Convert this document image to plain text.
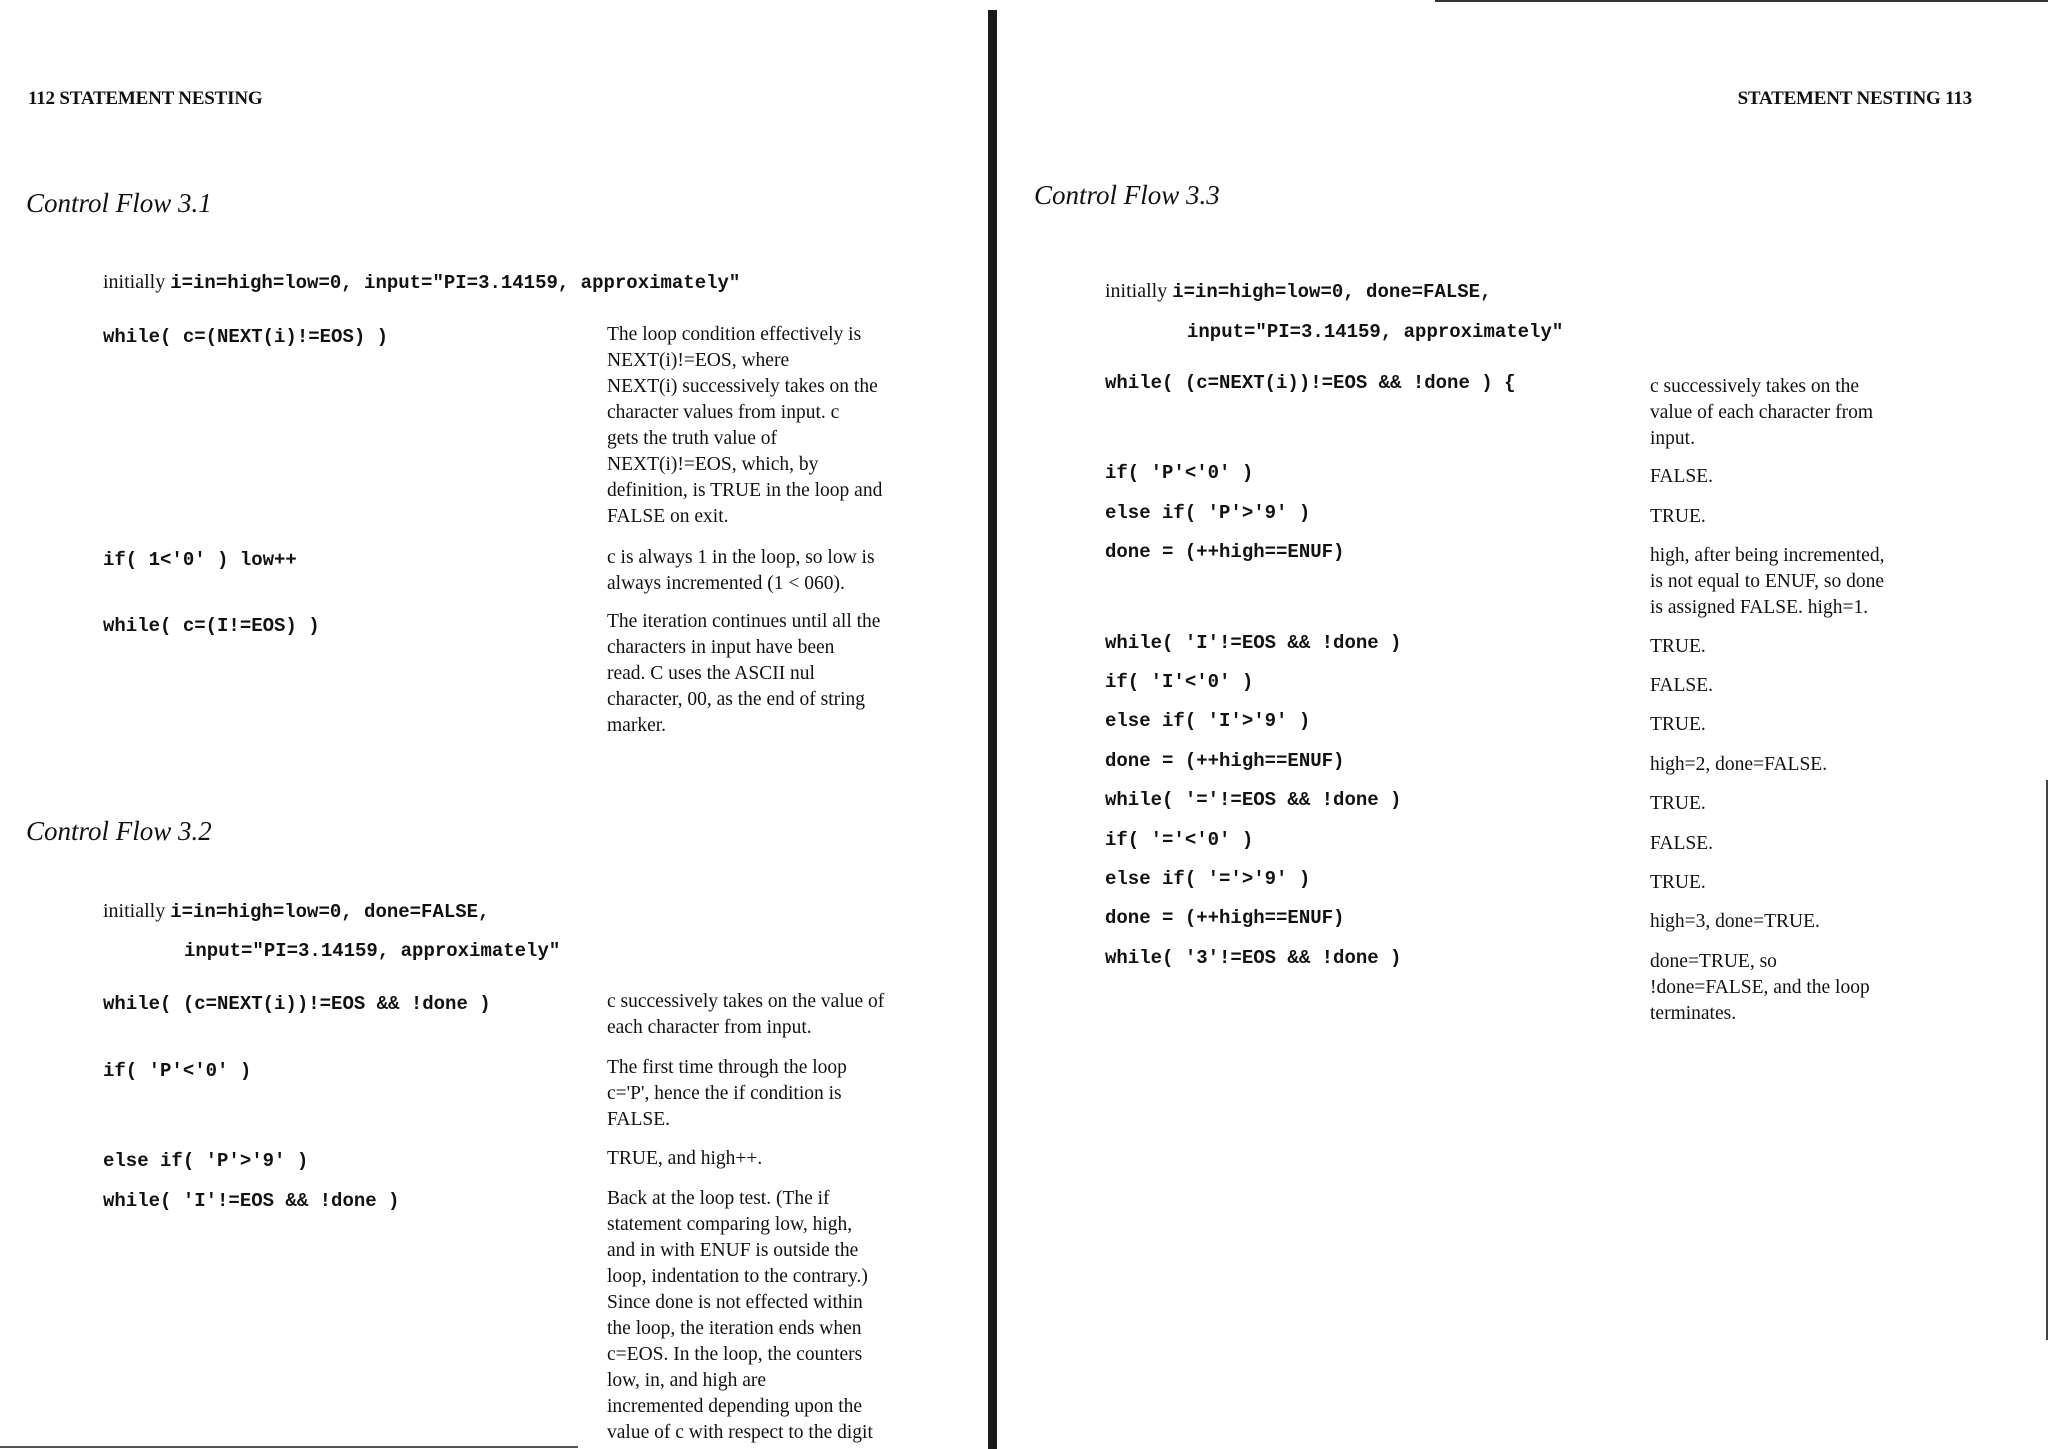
112 STATEMENT NESTING
Control Flow 3.1
initially i=in=high=low=0, input="PI=3.14159, approximately"
while( c=(NEXT(i)!=EOS) )	The loop condition effectively is
NEXT(i)!=EOS, where
NEXT(i) successively takes on the
character values from input. c
gets the truth value of
NEXT(i)!=EOS, which, by
definition, is TRUE in the loop and
FALSE on exit.
if( 1<'0' ) low++	c is always 1 in the loop, so low is
always incremented (1 < 060).
while( c=(I!=EOS) )	The iteration continues until all the
characters in input have been
read. C uses the ASCII nul
character, 00, as the end of string
marker.
Control Flow 3.2
initially i=in=high=low=0, done=FALSE,
input="PI=3.14159, approximately"
while( (c=NEXT(i))!=EOS && !done )	c successively takes on the value of
each character from input.
if( 'P'<'0' )	The first time through the loop
c='P', hence the if condition is
FALSE.
else if( 'P'>'9' )	TRUE, and high++.
while( 'I'!=EOS && !done )	Back at the loop test. (The if
statement comparing low, high,
and in with ENUF is outside the
loop, indentation to the contrary.)
Since done is not effected within
the loop, the iteration ends when
c=EOS. In the loop, the counters
low, in, and high are
incremented depending upon the
value of c with respect to the digit
STATEMENT NESTING 113
Control Flow 3.3
initially i=in=high=low=0, done=FALSE,
input="PI=3.14159, approximately"
while( (c=NEXT(i))!=EOS && !done ) {	c successively takes on the
value of each character from
input.
if( 'P'<'0' )	FALSE.
else if( 'P'>'9' )	TRUE.
done = (++high==ENUF)	high, after being incremented,
is not equal to ENUF, so done
is assigned FALSE. high=1.
while( 'I'!=EOS && !done )	TRUE.
if( 'I'<'0' )	FALSE.
else if( 'I'>'9' )	TRUE.
done = (++high==ENUF)	high=2, done=FALSE.
while( '='!=EOS && !done )	TRUE.
if( '='<'0' )	FALSE.
else if( '='>'9' )	TRUE.
done = (++high==ENUF)	high=3, done=TRUE.
while( '3'!=EOS && !done )	done=TRUE, so
!done=FALSE, and the loop
terminates.
